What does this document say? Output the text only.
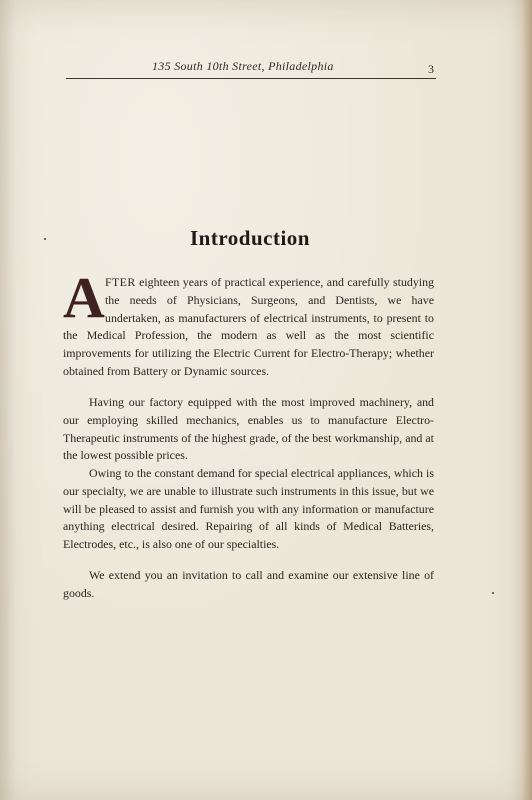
135 South 10th Street, Philadelphia	3
Introduction

AFTER eighteen years of practical experience, and carefully studying the needs of Physicians, Surgeons, and Dentists, we have undertaken, as manufacturers of electrical instruments, to present to the Medical Profession, the modern as well as the most scientific improvements for utilizing the Electric Current for Electro-Therapy; whether obtained from Battery or Dynamic sources.

Having our factory equipped with the most improved machinery, and our employing skilled mechanics, enables us to manufacture Electro-Therapeutic instruments of the highest grade, of the best workmanship, and at the lowest possible prices.

Owing to the constant demand for special electrical appliances, which is our specialty, we are unable to illustrate such instruments in this issue, but we will be pleased to assist and furnish you with any information or manufacture anything electrical desired. Repairing of all kinds of Medical Batteries, Electrodes, etc., is also one of our specialties.

We extend you an invitation to call and examine our extensive line of goods.
